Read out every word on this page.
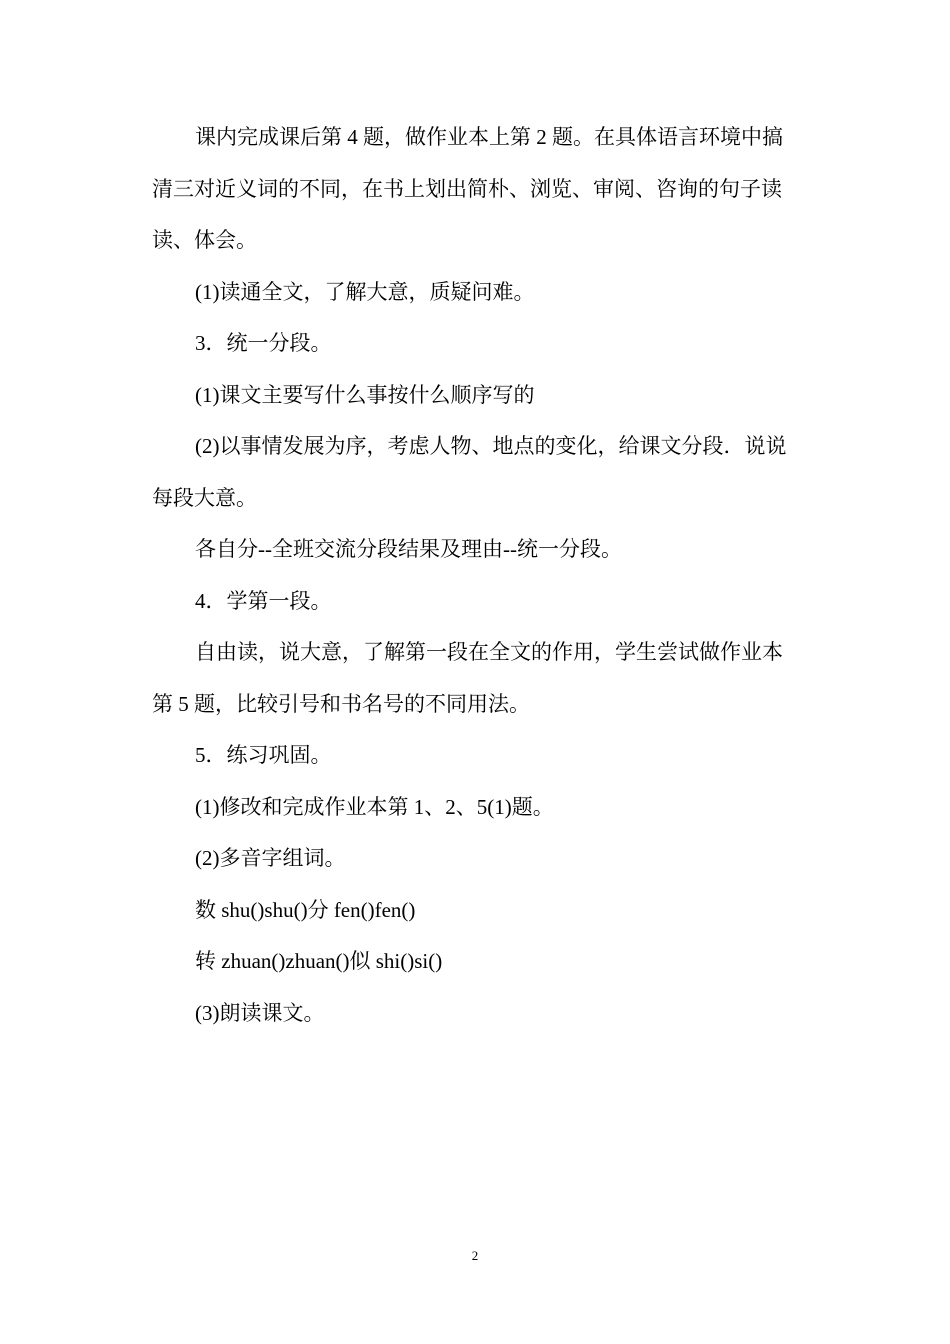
课内完成课后第 4 题，做作业本上第 2 题。在具体语言环境中搞清三对近义词的不同，在书上划出简朴、浏览、审阅、咨询的句子读读、体会。

(1)读通全文，了解大意，质疑问难。

3．统一分段。

(1)课文主要写什么事按什么顺序写的

(2)以事情发展为序，考虑人物、地点的变化，给课文分段．说说每段大意。

各自分--全班交流分段结果及理由--统一分段。

4．学第一段。

自由读，说大意，了解第一段在全文的作用，学生尝试做作业本第 5 题，比较引号和书名号的不同用法。

5．练习巩固。

(1)修改和完成作业本第 1、2、5(1)题。

(2)多音字组词。

数 shu()shu()分 fen()fen()

转 zhuan()zhuan()似 shi()si()

(3)朗读课文。

2
